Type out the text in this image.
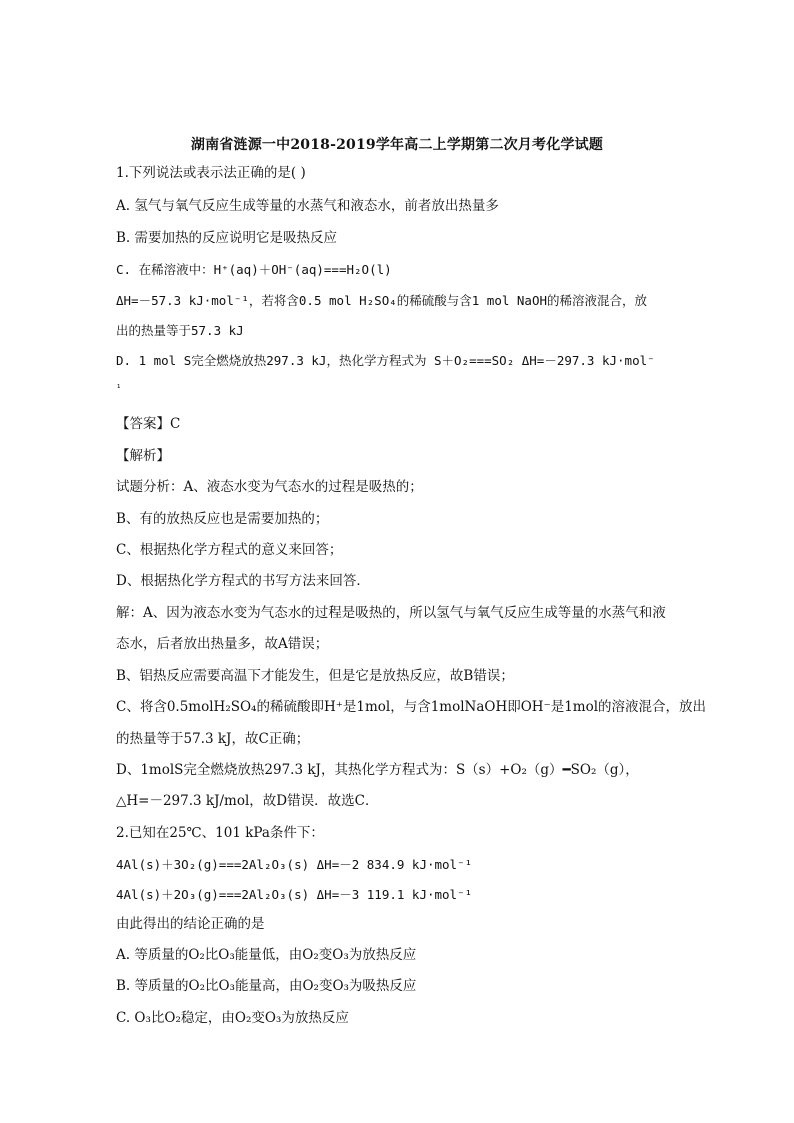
湖南省涟源一中2018-2019学年高二上学期第二次月考化学试题
1.下列说法或表示法正确的是( )
A. 氢气与氧气反应生成等量的水蒸气和液态水，前者放出热量多
B. 需要加热的反应说明它是吸热反应
C. 在稀溶液中：H⁺(aq)＋OH⁻(aq)===H₂O(l)
ΔH=－57.3 kJ·mol⁻¹，若将含0.5 mol H₂SO₄的稀硫酸与含1 mol NaOH的稀溶液混合，放
出的热量等于57.3 kJ
D. 1 mol S完全燃烧放热297.3 kJ，热化学方程式为 S＋O₂===SO₂ ΔH=－297.3 kJ·mol⁻
¹
【答案】C
【解析】
试题分析：A、液态水变为气态水的过程是吸热的；
B、有的放热反应也是需要加热的；
C、根据热化学方程式的意义来回答；
D、根据热化学方程式的书写方法来回答．
解：A、因为液态水变为气态水的过程是吸热的，所以氢气与氧气反应生成等量的水蒸气和液
态水，后者放出热量多，故A错误；
B、铝热反应需要高温下才能发生，但是它是放热反应，故B错误；
C、将含0.5molH₂SO₄的稀硫酸即H⁺是1mol，与含1molNaOH即OH⁻是1mol的溶液混合，放出
的热量等于57.3 kJ，故C正确；
D、1molS完全燃烧放热297.3 kJ，其热化学方程式为：S（s）+O₂（g）━SO₂（g），
△H=－297.3 kJ/mol，故D错误．故选C．
2.已知在25℃、101 kPa条件下：
4Al(s)＋3O₂(g)===2Al₂O₃(s) ΔH=－2 834.9 kJ·mol⁻¹
4Al(s)＋2O₃(g)===2Al₂O₃(s) ΔH=－3 119.1 kJ·mol⁻¹
由此得出的结论正确的是
A. 等质量的O₂比O₃能量低，由O₂变O₃为放热反应
B. 等质量的O₂比O₃能量高，由O₂变O₃为吸热反应
C. O₃比O₂稳定，由O₂变O₃为放热反应
